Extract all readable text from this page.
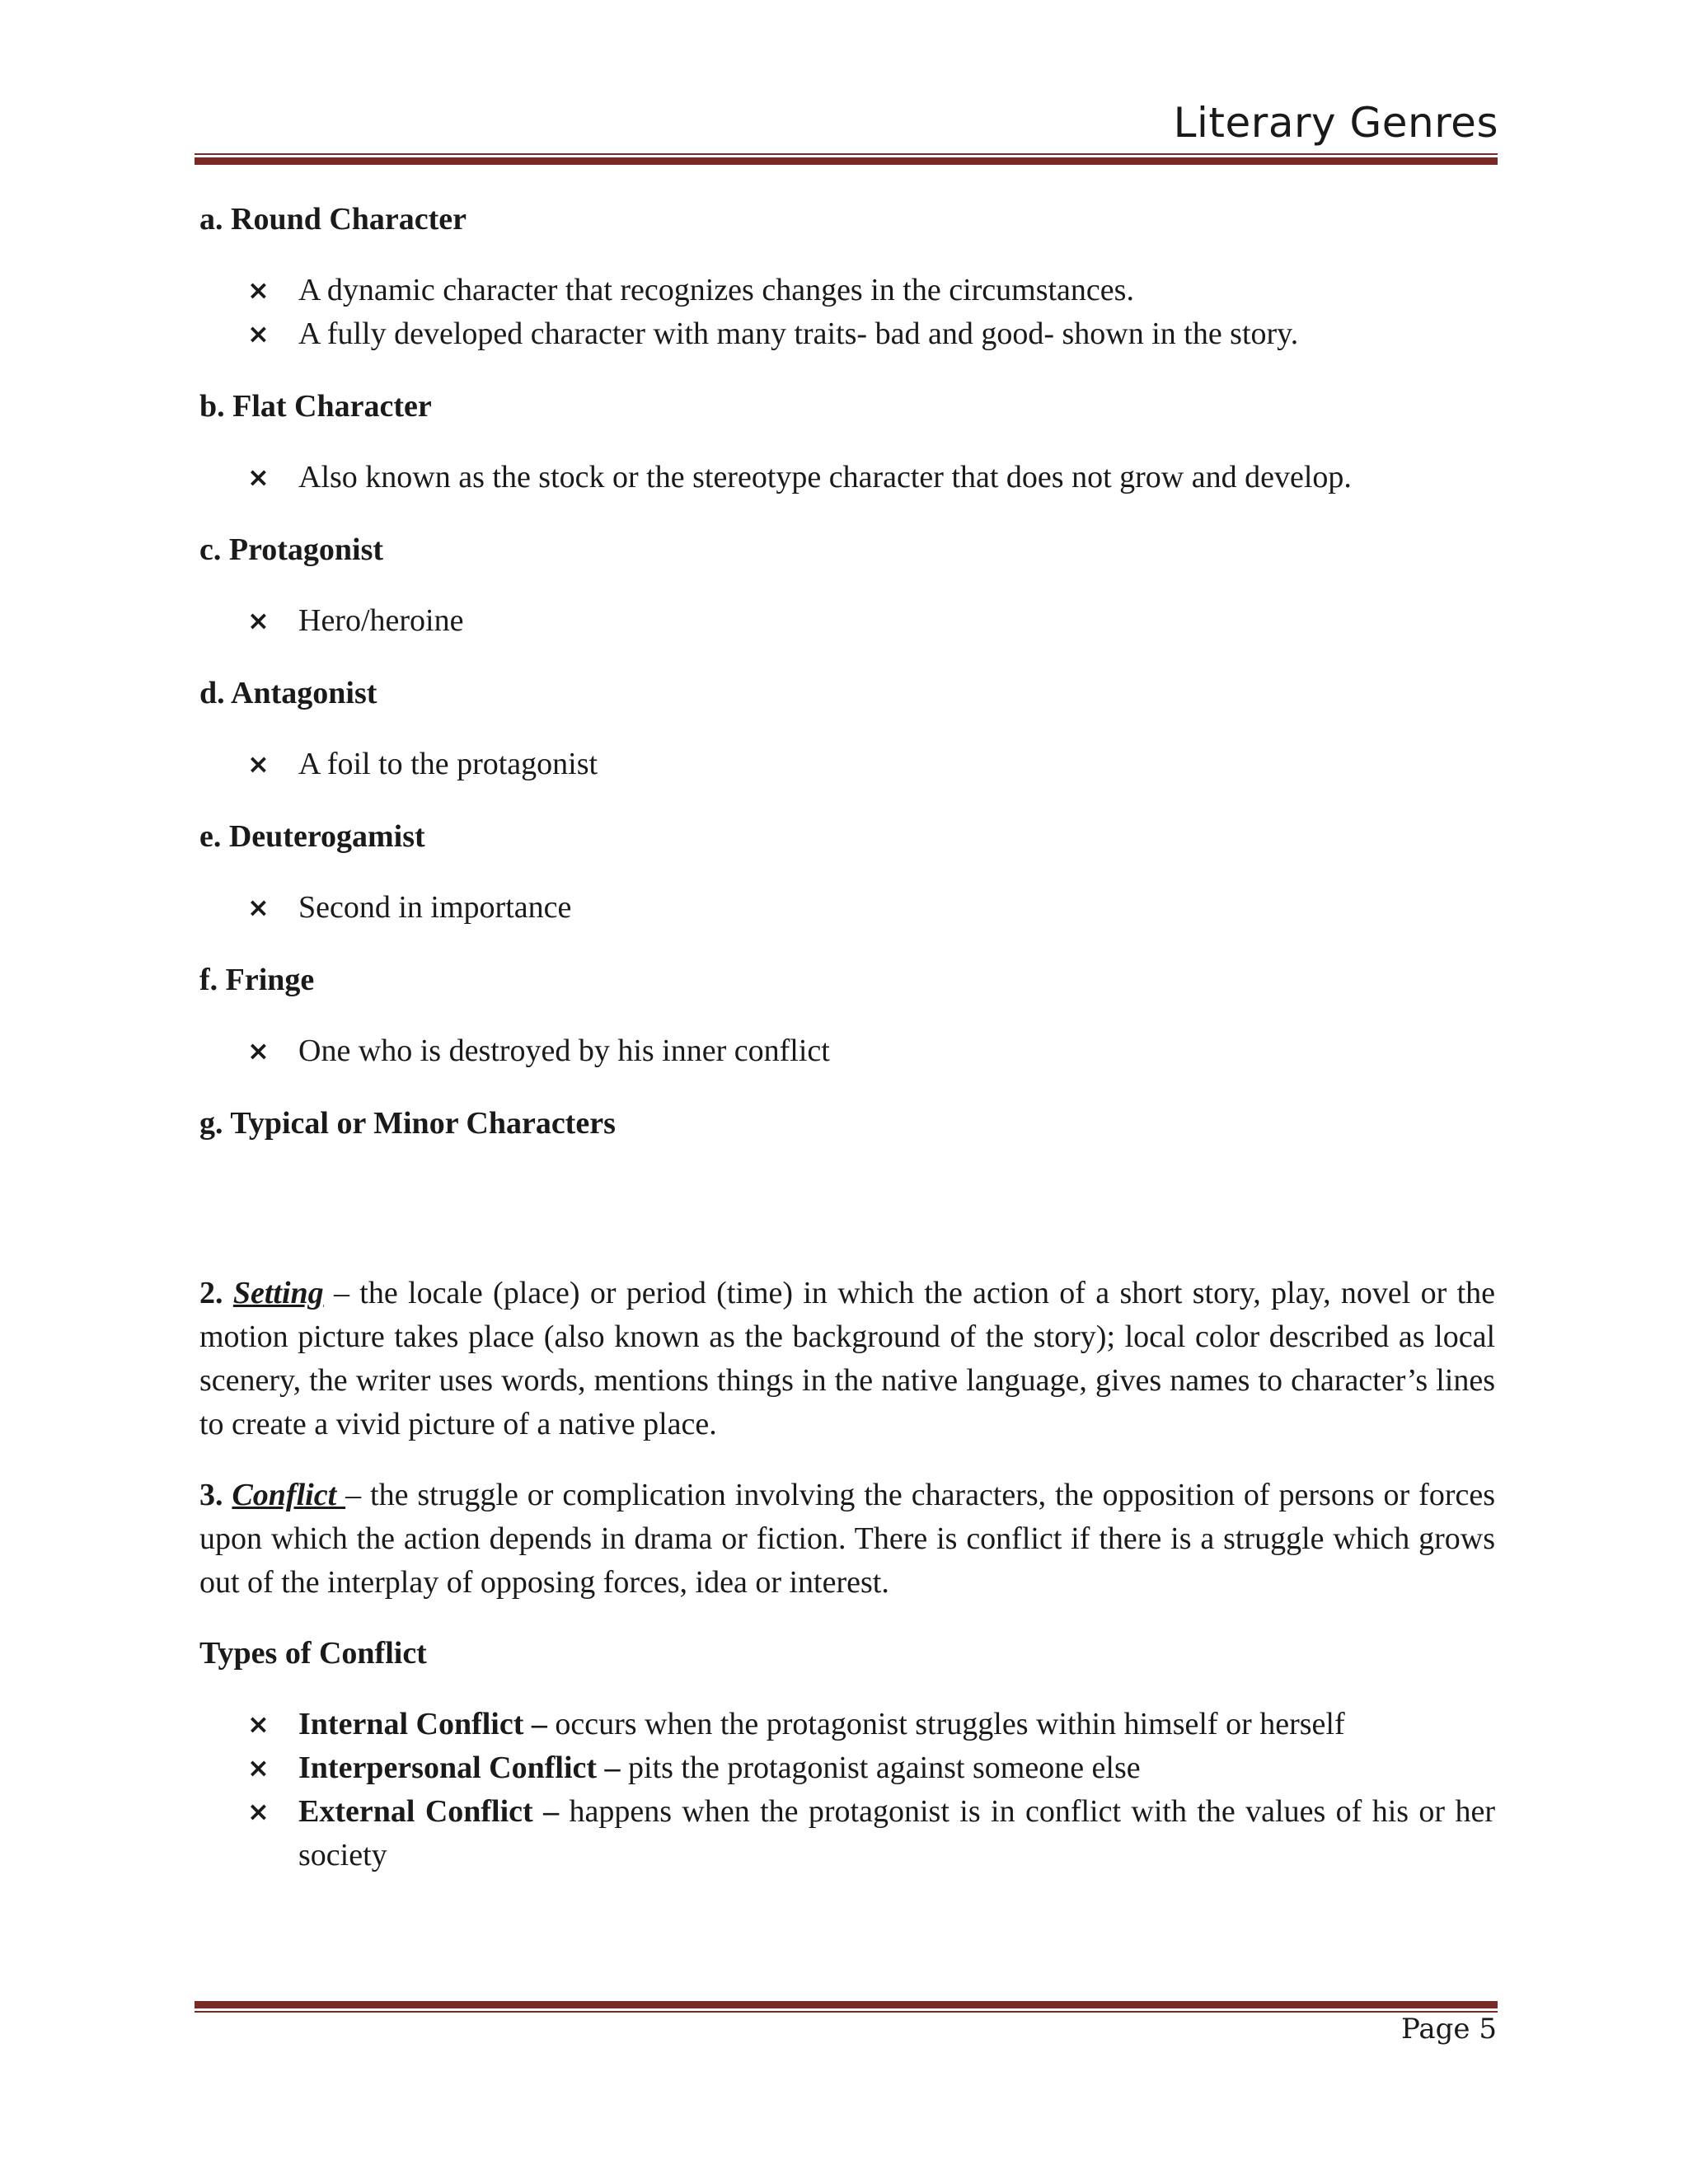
Literary Genres
a. Round Character
× A dynamic character that recognizes changes in the circumstances.
× A fully developed character with many traits- bad and good- shown in the story.
b. Flat Character
× Also known as the stock or the stereotype character that does not grow and develop.
c. Protagonist
× Hero/heroine
d. Antagonist
× A foil to the protagonist
e. Deuterogamist
× Second in importance
f. Fringe
× One who is destroyed by his inner conflict
g. Typical or Minor Characters

2. Setting – the locale (place) or period (time) in which the action of a short story, play, novel or the motion picture takes place (also known as the background of the story); local color described as local scenery, the writer uses words, mentions things in the native language, gives names to character’s lines to create a vivid picture of a native place.

3. Conflict – the struggle or complication involving the characters, the opposition of persons or forces upon which the action depends in drama or fiction. There is conflict if there is a struggle which grows out of the interplay of opposing forces, idea or interest.

Types of Conflict
× Internal Conflict – occurs when the protagonist struggles within himself or herself
× Interpersonal Conflict – pits the protagonist against someone else
× External Conflict – happens when the protagonist is in conflict with the values of his or her society
Page 5
